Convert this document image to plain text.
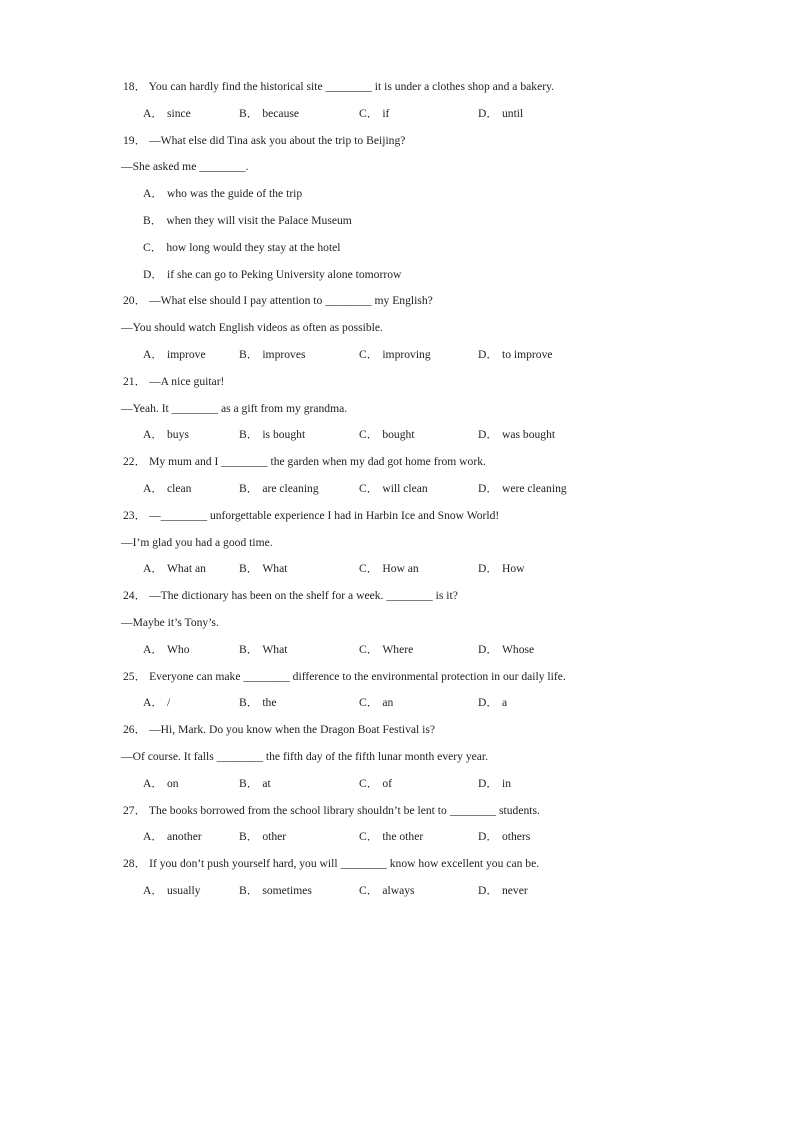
18． You can hardly find the historical site ________ it is under a clothes shop and a bakery.
A． since	B． because	C． if	D． until
19． —What else did Tina ask you about the trip to Beijing?
—She asked me ________.
A． who was the guide of the trip
B． when they will visit the Palace Museum
C． how long would they stay at the hotel
D． if she can go to Peking University alone tomorrow
20． —What else should I pay attention to ________ my English?
—You should watch English videos as often as possible.
A． improve	B． improves	C． improving	D． to improve
21． —A nice guitar!
—Yeah. It ________ as a gift from my grandma.
A． buys	B． is bought	C． bought	D． was bought
22． My mum and I ________ the garden when my dad got home from work.
A． clean	B． are cleaning	C． will clean	D． were cleaning
23． —________ unforgettable experience I had in Harbin Ice and Snow World!
—I’m glad you had a good time.
A． What an	B． What	C． How an	D． How
24． —The dictionary has been on the shelf for a week. ________ is it?
—Maybe it’s Tony’s.
A． Who	B． What	C． Where	D． Whose
25． Everyone can make ________ difference to the environmental protection in our daily life.
A． /	B． the	C． an	D． a
26． —Hi, Mark. Do you know when the Dragon Boat Festival is?
—Of course. It falls ________ the fifth day of the fifth lunar month every year.
A． on	B． at	C． of	D． in
27． The books borrowed from the school library shouldn’t be lent to ________ students.
A． another	B． other	C． the other	D． others
28． If you don’t push yourself hard, you will ________ know how excellent you can be.
A． usually	B． sometimes	C． always	D． never
